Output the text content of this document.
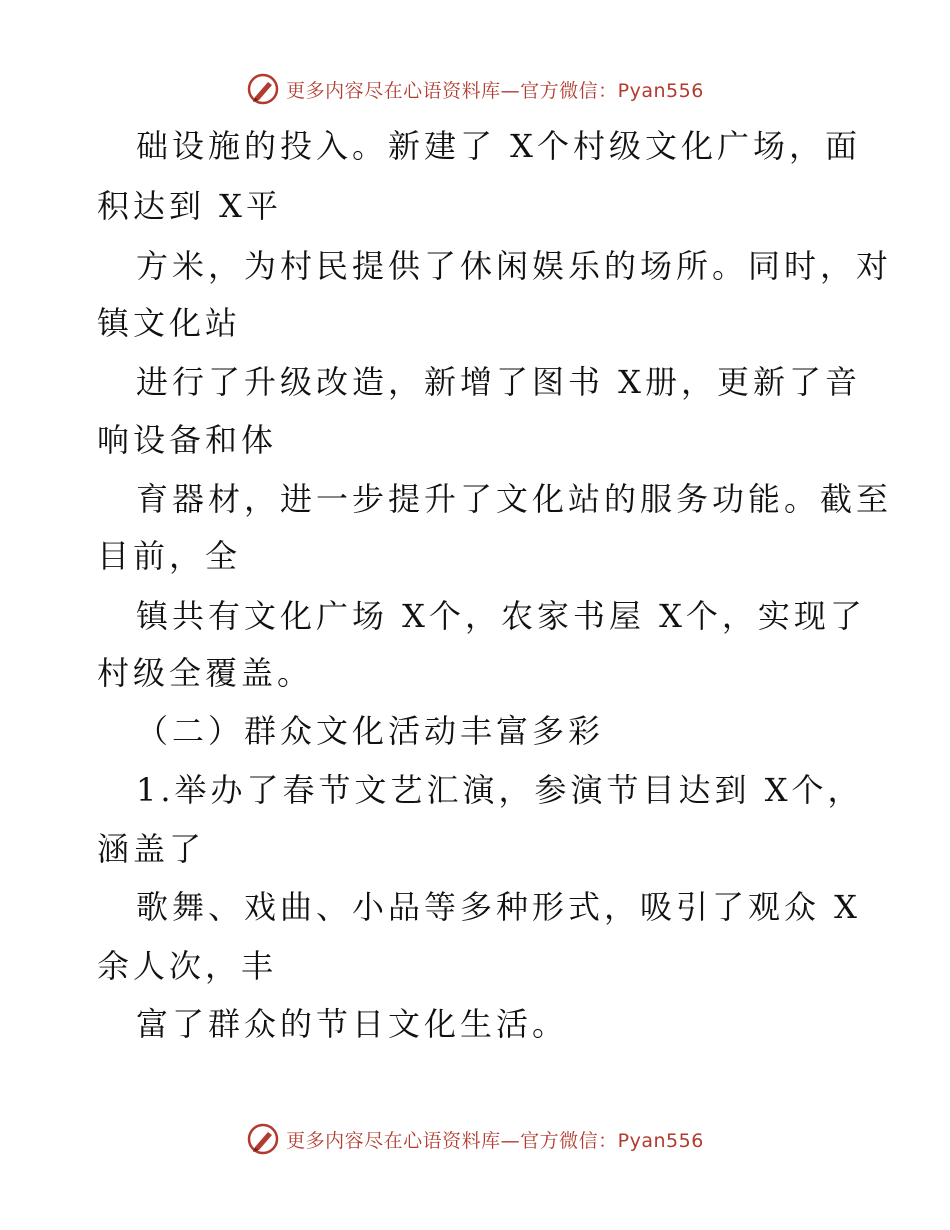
更多内容尽在心语资料库—官方微信：Pyan556
础设施的投入。新建了 X个村级文化广场，面
积达到 X平
方米，为村民提供了休闲娱乐的场所。同时，对
镇文化站
进行了升级改造，新增了图书 X册，更新了音
响设备和体
育器材，进一步提升了文化站的服务功能。截至
目前，全
镇共有文化广场 X个，农家书屋 X个，实现了
村级全覆盖。
（二）群众文化活动丰富多彩
1.举办了春节文艺汇演，参演节目达到 X个，
涵盖了
歌舞、戏曲、小品等多种形式，吸引了观众 X
余人次，丰
富了群众的节日文化生活。
更多内容尽在心语资料库—官方微信：Pyan556
